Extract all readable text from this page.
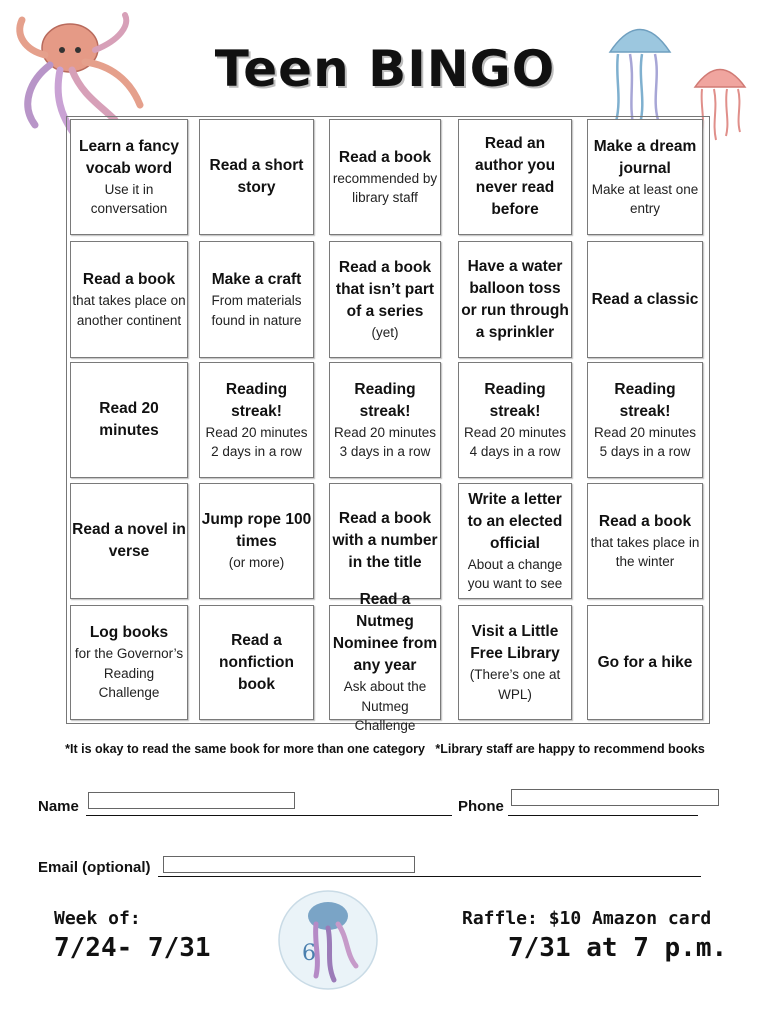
Teen BINGO
Learn a fancy vocab word
Use it in conversation
Read a short story
Read a book
recommended by library staff
Read an author you never read before
Make a dream journal
Make at least one entry
Read a book
that takes place on another continent
Make a craft
From materials found in nature
Read a book that isn’t part of a series
(yet)
Have a water balloon toss or run through a sprinkler
Read a classic
Read 20 minutes
Reading streak!
Read 20 minutes 2 days in a row
Reading streak!
Read 20 minutes 3 days in a row
Reading streak!
Read 20 minutes 4 days in a row
Reading streak!
Read 20 minutes 5 days in a row
Read a novel in verse
Jump rope 100 times
(or more)
Read a book with a number in the title
Write a letter to an elected official
About a change you want to see
Read a book
that takes place in the winter
Log books
for the Governor’s Reading Challenge
Read a nonfiction book
Read a Nutmeg Nominee from any year
Ask about the Nutmeg Challenge
Visit a Little Free Library
(There’s one at WPL)
Go for a hike
*It is okay to read the same book for more than one category   *Library staff are happy to recommend books
Name	Phone
Email (optional)
Week of:
7/24- 7/31	6
Raffle: $10 Amazon card
7/31 at 7 p.m.
